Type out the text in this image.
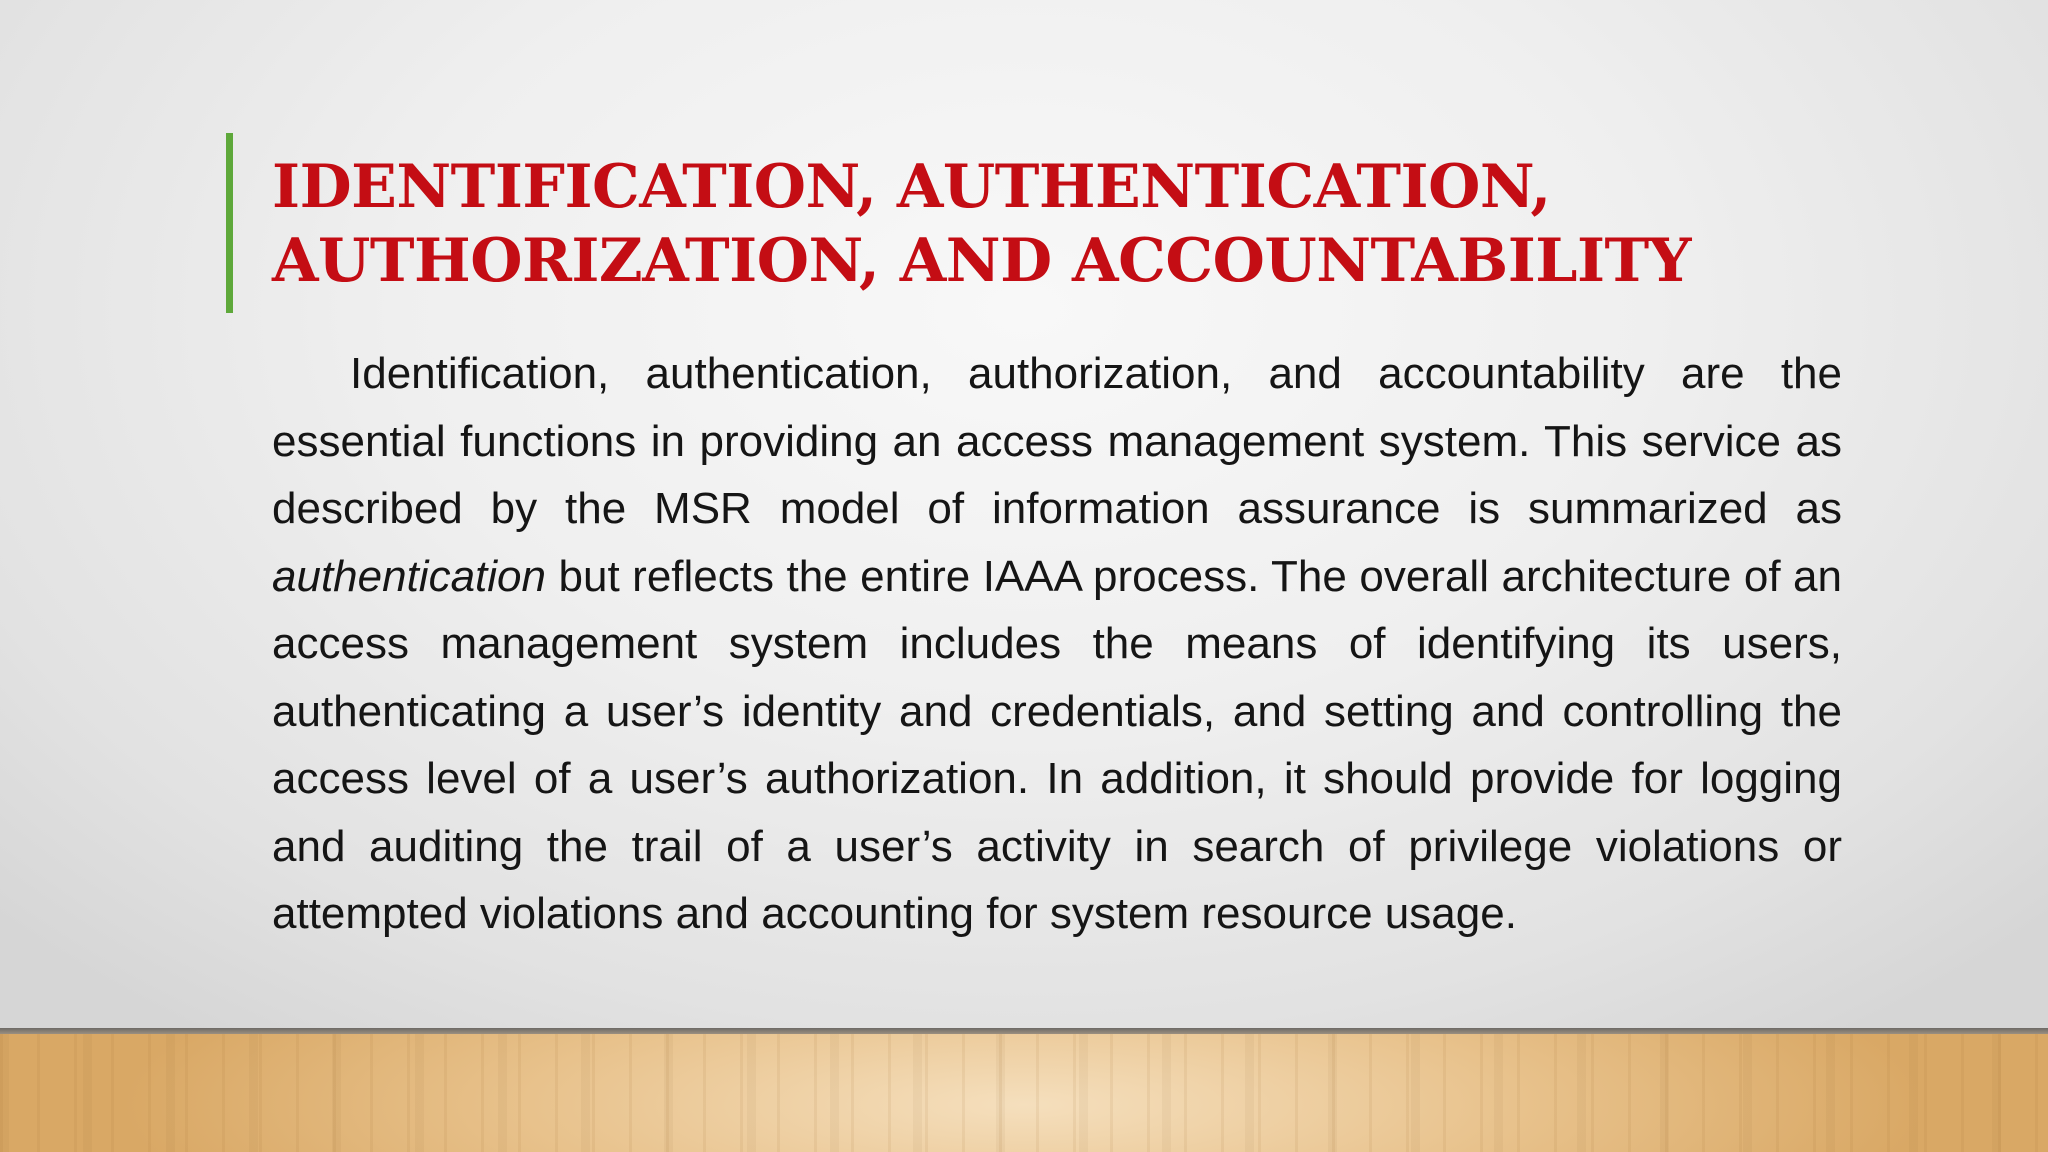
IDENTIFICATION, AUTHENTICATION,
AUTHORIZATION, AND ACCOUNTABILITY

Identification, authentication, authorization, and accountability are the essential functions in providing an access management system. This service as described by the MSR model of information assurance is summarized as authentication but reflects the entire IAAA process. The overall architecture of an access management system includes the means of identifying its users, authenticating a user’s identity and credentials, and setting and controlling the access level of a user’s authorization. In addition, it should provide for logging and auditing the trail of a user’s activity in search of privilege violations or attempted violations and accounting for system resource usage.
